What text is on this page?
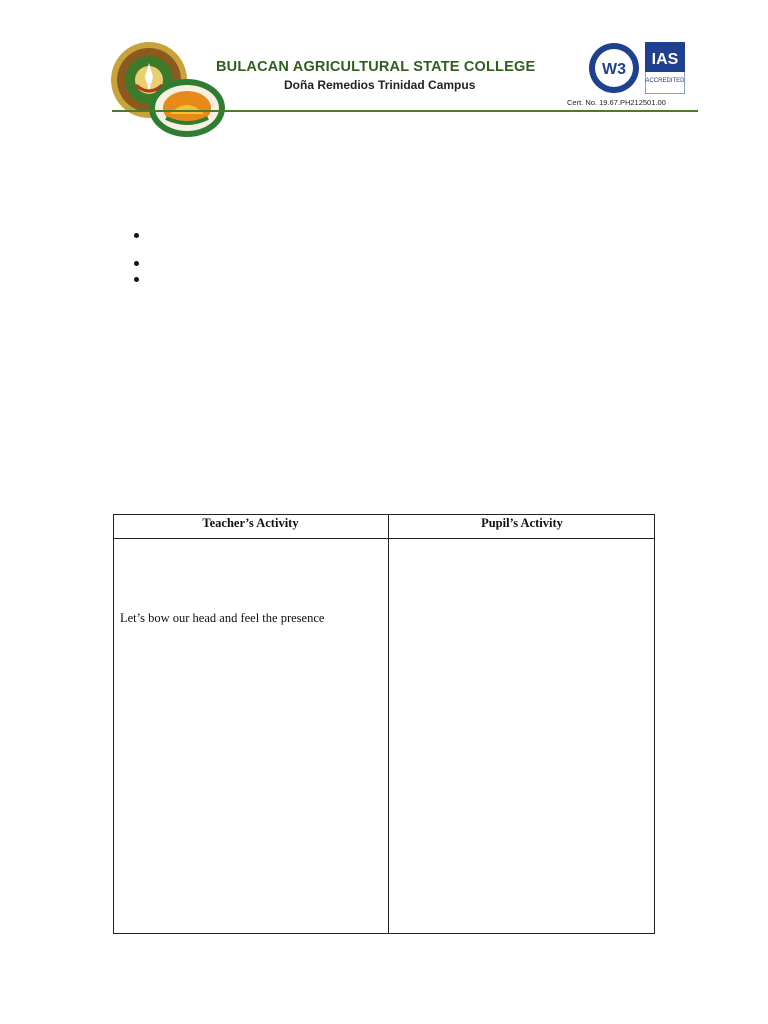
BULACAN AGRICULTURAL STATE COLLEGE
Doña Remedios Trinidad Campus
W3
IAS
ACCREDITED
Cert. No. 19.67.PH212501.00
Teacher’s Activity	Pupil’s Activity
Let’s bow our head and feel the presence
